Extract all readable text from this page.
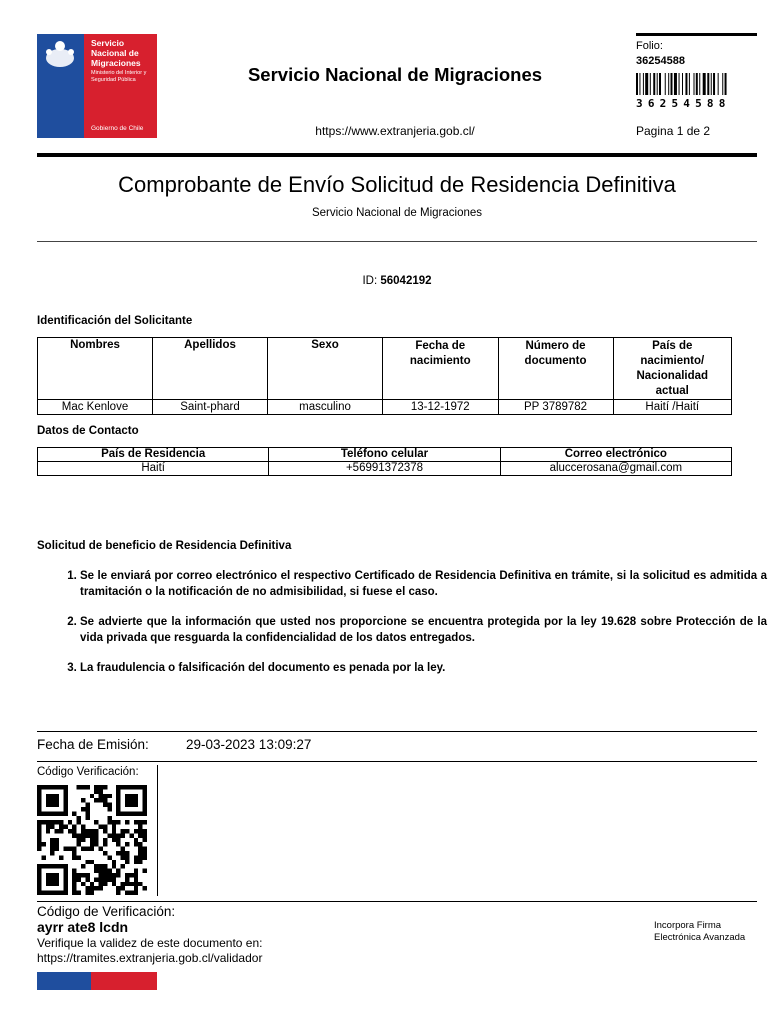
Servicio Nacional de Migraciones
Ministerio del Interior y Seguridad Pública
Gobierno de Chile
Servicio Nacional de Migraciones
https://www.extranjeria.gob.cl/
Folio:
36254588
36254588
Pagina 1 de 2
Comprobante de Envío Solicitud de Residencia Definitiva
Servicio Nacional de Migraciones
ID: 56042192
Identificación del Solicitante
Nombres	Apellidos	Sexo	Fecha de nacimiento	Número de documento	País de nacimiento/ Nacionalidad actual
Mac Kenlove	Saint-phard	masculino	13-12-1972	PP 3789782	Haití /Haití
Datos de Contacto
País de Residencia	Teléfono celular	Correo electrónico
Haití	+56991372378	aluccerosana@gmail.com
Solicitud de beneficio de Residencia Definitiva
1. Se le enviará por correo electrónico el respectivo Certificado de Residencia Definitiva en trámite, si la solicitud es admitida a tramitación o la notificación de no admisibilidad, si fuese el caso.
2. Se advierte que la información que usted nos proporcione se encuentra protegida por la ley 19.628 sobre Protección de la vida privada que resguarda la confidencialidad de los datos entregados.
3. La fraudulencia o falsificación del documento es penada por la ley.
Fecha de Emisión:	29-03-2023 13:09:27
Código Verificación:
Código de Verificación:
ayrr ate8 lcdn
Verifique la validez de este documento en:
https://tramites.extranjeria.gob.cl/validador
Incorpora Firma Electrónica Avanzada
